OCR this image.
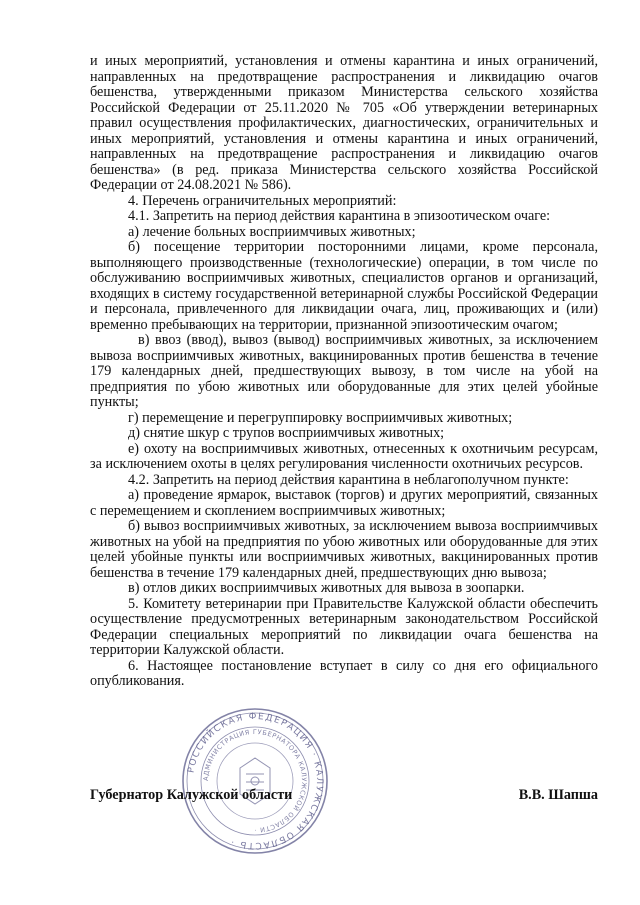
и иных мероприятий, установления и отмены карантина и иных ограничений, направленных на предотвращение распространения и ликвидацию очагов бешенства, утвержденными приказом Министерства сельского хозяйства Российской Федерации от 25.11.2020 № 705 «Об утверждении ветеринарных правил осуществления профилактических, диагностических, ограничительных и иных мероприятий, установления и отмены карантина и иных ограничений, направленных на предотвращение распространения и ликвидацию очагов бешенства» (в ред. приказа Министерства сельского хозяйства Российской Федерации от 24.08.2021 № 586).

4. Перечень ограничительных мероприятий:

4.1. Запретить на период действия карантина в эпизоотическом очаге:

а) лечение больных восприимчивых животных;

б) посещение территории посторонними лицами, кроме персонала, выполняющего производственные (технологические) операции, в том числе по обслуживанию восприимчивых животных, специалистов органов и организаций, входящих в систему государственной ветеринарной службы Российской Федерации и персонала, привлеченного для ликвидации очага, лиц, проживающих и (или) временно пребывающих на территории, признанной эпизоотическим очагом;

в) ввоз (ввод), вывоз (вывод) восприимчивых животных, за исключением вывоза восприимчивых животных, вакцинированных против бешенства в течение 179 календарных дней, предшествующих вывозу, в том числе на убой на предприятия по убою животных или оборудованные для этих целей убойные пункты;

г) перемещение и перегруппировку восприимчивых животных;

д) снятие шкур с трупов восприимчивых животных;

е) охоту на восприимчивых животных, отнесенных к охотничьим ресурсам, за исключением охоты в целях регулирования численности охотничьих ресурсов.

4.2. Запретить на период действия карантина в неблагополучном пункте:

а) проведение ярмарок, выставок (торгов) и других мероприятий, связанных с перемещением и скоплением восприимчивых животных;

б) вывоз восприимчивых животных, за исключением вывоза восприимчивых животных на убой на предприятия по убою животных или оборудованные для этих целей убойные пункты или восприимчивых животных, вакцинированных против бешенства в течение 179 календарных дней, предшествующих дню вывоза;

в) отлов диких восприимчивых животных для вывоза в зоопарки.

5. Комитету ветеринарии при Правительстве Калужской области обеспечить осуществление предусмотренных ветеринарным законодательством Российской Федерации специальных мероприятий по ликвидации очага бешенства на территории Калужской области.

6. Настоящее постановление вступает в силу со дня его официального опубликования.

РОССИЙСКАЯ ФЕДЕРАЦИЯ · КАЛУЖСКАЯ ОБЛАСТЬ ·
АДМИНИСТРАЦИЯ ГУБЕРНАТОРА КАЛУЖСКОЙ ОБЛАСТИ ·
Губернатор Калужской области	В.В. Шапша
